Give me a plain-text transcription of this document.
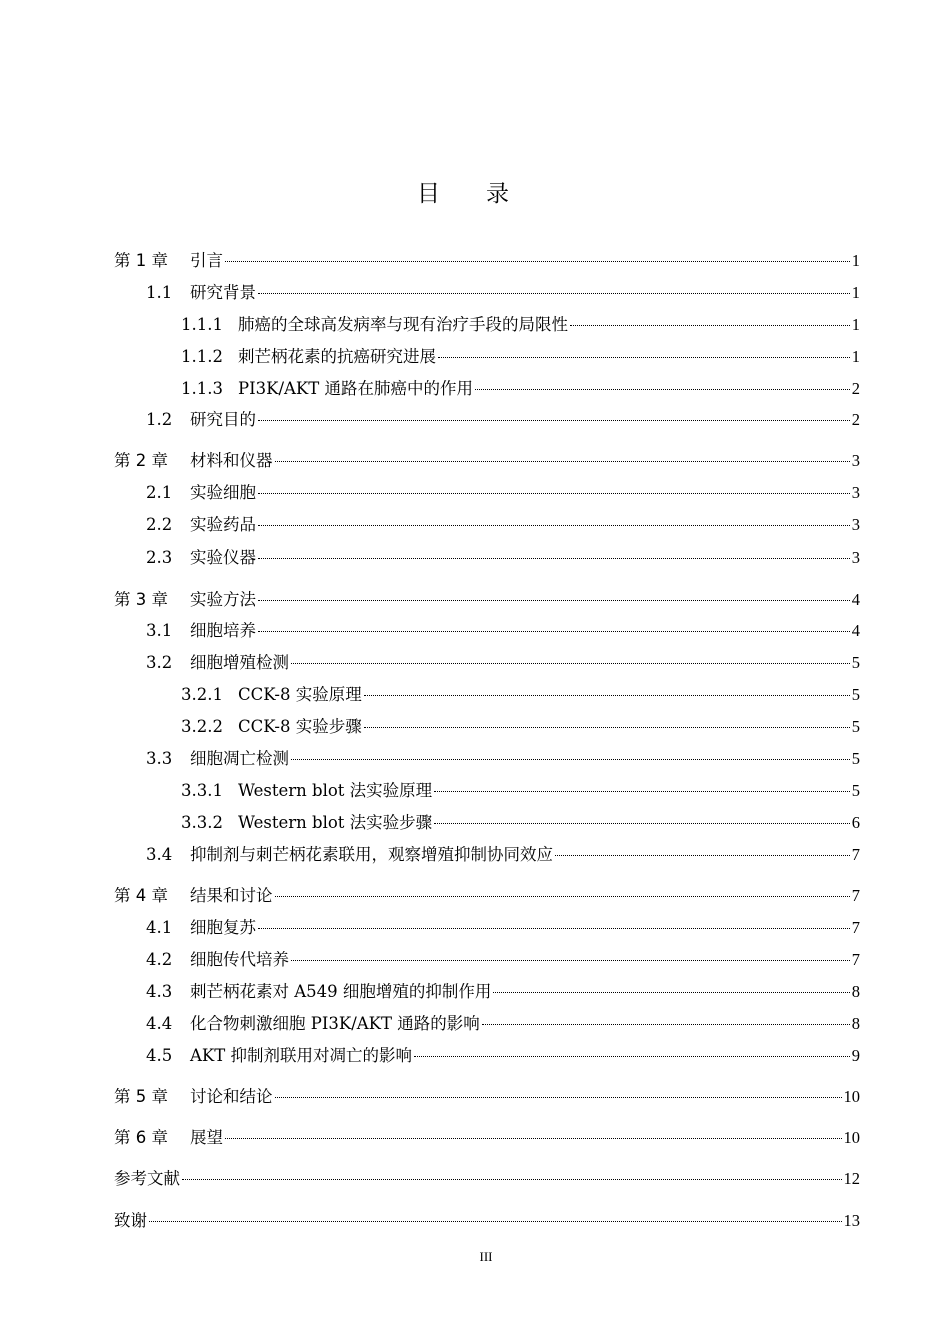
目录
第 1 章	引言	1
1.1	研究背景	1
1.1.1 肺癌的全球高发病率与现有治疗手段的局限性	1
1.1.2 刺芒柄花素的抗癌研究进展	1
1.1.3 PI3K/AKT 通路在肺癌中的作用	2
1.2	研究目的	2
第 2 章	材料和仪器	3
2.1	实验细胞	3
2.2	实验药品	3
2.3	实验仪器	3
第 3 章	实验方法	4
3.1	细胞培养	4
3.2	细胞增殖检测	5
3.2.1 CCK-8 实验原理	5
3.2.2 CCK-8 实验步骤	5
3.3	细胞凋亡检测	5
3.3.1 Western blot 法实验原理	5
3.3.2 Western blot 法实验步骤	6
3.4	抑制剂与刺芒柄花素联用，观察增殖抑制协同效应	7
第 4 章	结果和讨论	7
4.1	细胞复苏	7
4.2	细胞传代培养	7
4.3	刺芒柄花素对 A549 细胞增殖的抑制作用	8
4.4	化合物刺激细胞 PI3K/AKT 通路的影响	8
4.5	AKT 抑制剂联用对凋亡的影响	9
第 5 章	讨论和结论	10
第 6 章	展望	10
参考文献	12
致谢	13
III
